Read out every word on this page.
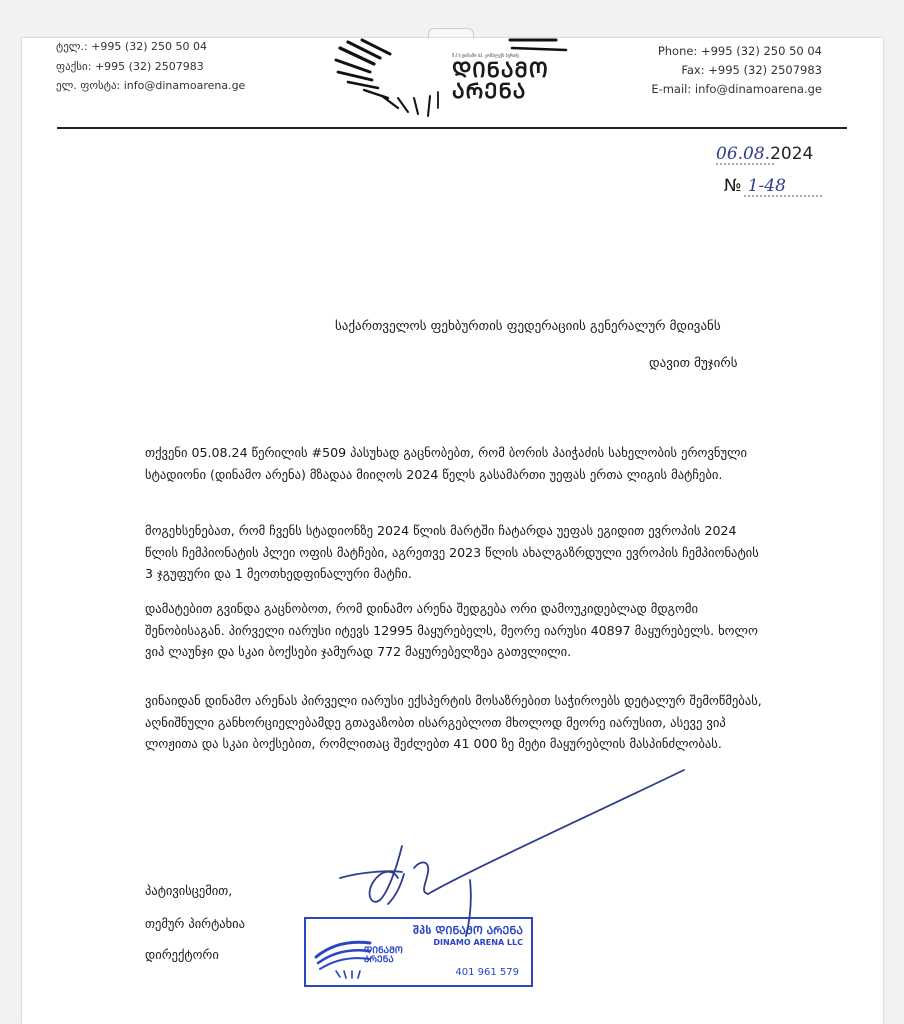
ტელ.: +995 (32) 250 50 04
ფაქსი: +995 (32) 2507983
ელ. ფოსტა: info@dinamoarena.ge
Phone: +995 (32) 250 50 04
Fax: +995 (32) 2507983
E-mail: info@dinamoarena.ge
შ პ ს დინამო სპ. კომპლექს ბერიძე
ᲓᲘᲜᲐᲛᲝ
ᲐᲠᲔᲜᲐ
06.08.2024
№ 1-48
საქართველოს ფეხბურთის ფედერაციის გენერალურ მდივანს
დავით მუჯირს

თქვენი 05.08.24 წერილის #509 პასუხად გაცნობებთ, რომ ბორის პაიჭაძის სახელობის ეროვნული სტადიონი (დინამო არენა) მზადაა მიიღოს 2024 წელს გასამართი უეფას ერთა ლიგის მატჩები.

მოგეხსენებათ, რომ ჩვენს სტადიონზე 2024 წლის მარტში ჩატარდა უეფას ეგიდით ევროპის 2024 წლის ჩემპიონატის პლეი ოფის მატჩები, აგრეთვე 2023 წლის ახალგაზრდული ევროპის ჩემპიონატის 3 ჯგუფური და 1 მეოთხედფინალური მატჩი.

დამატებით გვინდა გაცნობოთ, რომ დინამო არენა შედგება ორი დამოუკიდებლად მდგომი შენობისაგან. პირველი იარუსი იტევს 12995 მაყურებელს, მეორე იარუსი 40897 მაყურებელს. ხოლო ვიპ ლაუნჯი და სკაი ბოქსები ჯამურად 772 მაყურებელზეა გათვლილი.

ვინაიდან დინამო არენას პირველი იარუსი ექსპერტის მოსაზრებით საჭიროებს დეტალურ შემოწმებას, აღნიშნული განხორციელებამდე გთავაზობთ ისარგებლოთ მხოლოდ მეორე იარუსით, ასევე ვიპ ლოჟითა და სკაი ბოქსებით, რომლითაც შეძლებთ 41 000 ზე მეტი მაყურებლის მასპინძლობას.

პატივისცემით,
თემურ პირტახია
დირექტორი
შპს ᲓᲘᲜᲐᲛᲝ ᲐᲠᲔᲜᲐ
DINAMO ARENA LLC
ᲓᲘᲜᲐᲛᲝ
ᲐᲠᲔᲜᲐ
401 961 579
